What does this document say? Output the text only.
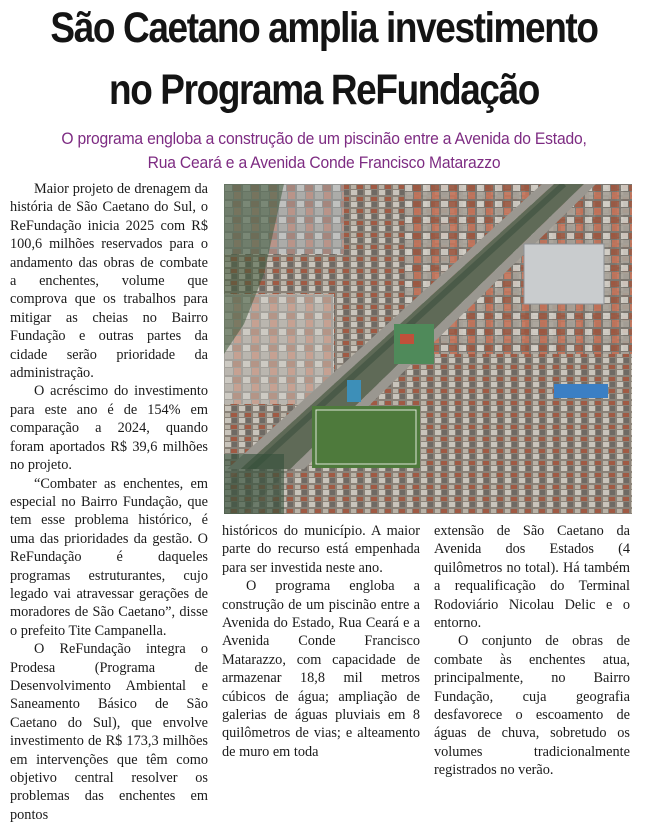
São Caetano amplia investimento
no Programa ReFundação
O programa engloba a construção de um piscinão entre a Avenida do Estado,
Rua Ceará e a Avenida Conde Francisco Matarazzo

Maior projeto de drenagem da história de São Caetano do Sul, o ReFundação inicia 2025 com R$ 100,6 milhões reservados para o andamento das obras de combate a enchentes, volume que comprova que os trabalhos para mitigar as cheias no Bairro Fundação e outras partes da cidade serão prioridade da administração.

O acréscimo do investimento para este ano é de 154% em comparação a 2024, quando foram aportados R$ 39,6 milhões no projeto.

“Combater as enchentes, em especial no Bairro Fundação, que tem esse problema histórico, é uma das prioridades da gestão. O ReFundação é daqueles programas estruturantes, cujo legado vai atravessar gerações de moradores de São Caetano”, disse o prefeito Tite Campanella.

O ReFundação integra o Prodesa (Programa de Desenvolvimento Ambiental e Saneamento Básico de São Caetano do Sul), que envolve investimento de R$ 173,3 milhões em intervenções que têm como objetivo central resolver os problemas das enchentes em pontos

históricos do município. A maior parte do recurso está empenhada para ser investida neste ano.

O programa engloba a construção de um piscinão entre a Avenida do Estado, Rua Ceará e a Avenida Conde Francisco Matarazzo, com capacidade de armazenar 18,8 mil metros cúbicos de água; ampliação de galerias de águas pluviais em 8 quilômetros de vias; e alteamento de muro em toda

extensão de São Caetano da Avenida dos Estados (4 quilômetros no total). Há também a requalificação do Terminal Rodoviário Nicolau Delic e o entorno.

O conjunto de obras de combate às enchentes atua, principalmente, no Bairro Fundação, cuja geografia desfavorece o escoamento de águas de chuva, sobretudo os volumes tradicionalmente registrados no verão.
